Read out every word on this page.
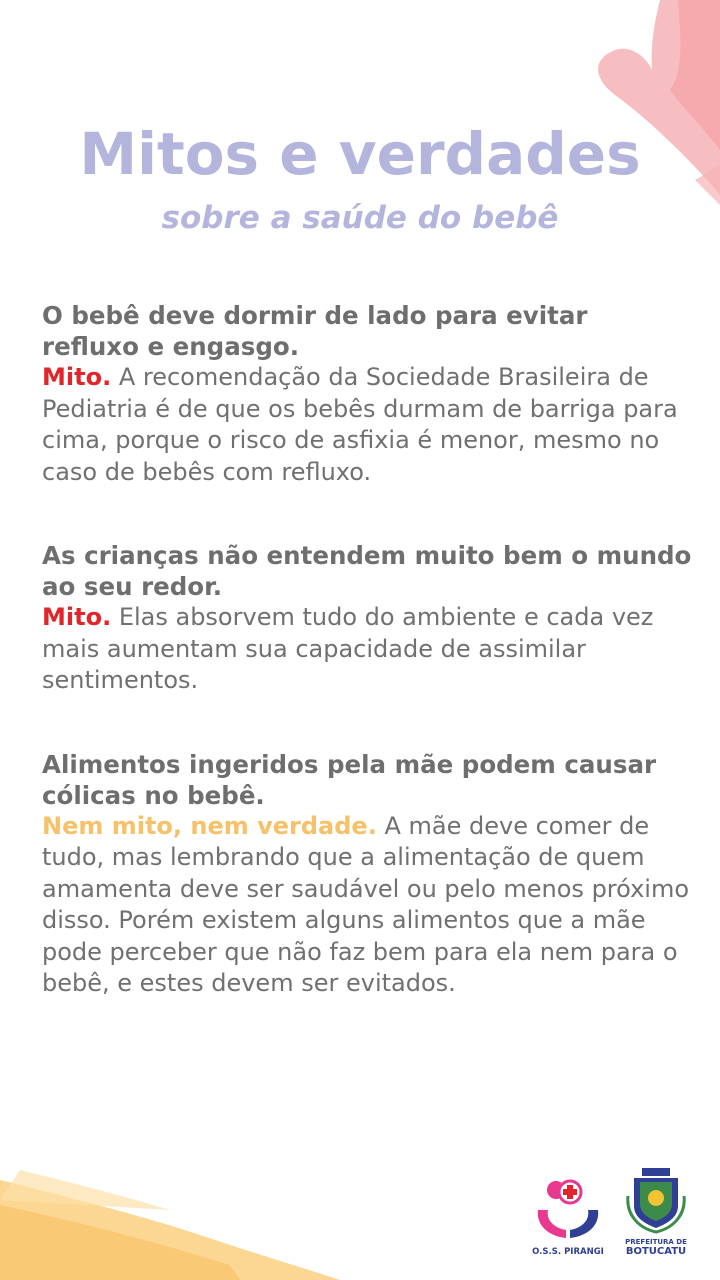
Mitos e verdades
sobre a saúde do bebê
O bebê deve dormir de lado para evitar refluxo e engasgo.
Mito. A recomendação da Sociedade Brasileira de Pediatria é de que os bebês durmam de barriga para cima, porque o risco de asfixia é menor, mesmo no caso de bebês com refluxo.
As crianças não entendem muito bem o mundo ao seu redor.
Mito. Elas absorvem tudo do ambiente e cada vez mais aumentam sua capacidade de assimilar sentimentos.
Alimentos ingeridos pela mãe podem causar cólicas no bebê.
Nem mito, nem verdade. A mãe deve comer de tudo, mas lembrando que a alimentação de quem amamenta deve ser saudável ou pelo menos próximo disso. Porém existem alguns alimentos que a mãe pode perceber que não faz bem para ela nem para o bebê, e estes devem ser evitados.
O.S.S. PIRANGI
PREFEITURA DE
BOTUCATU
